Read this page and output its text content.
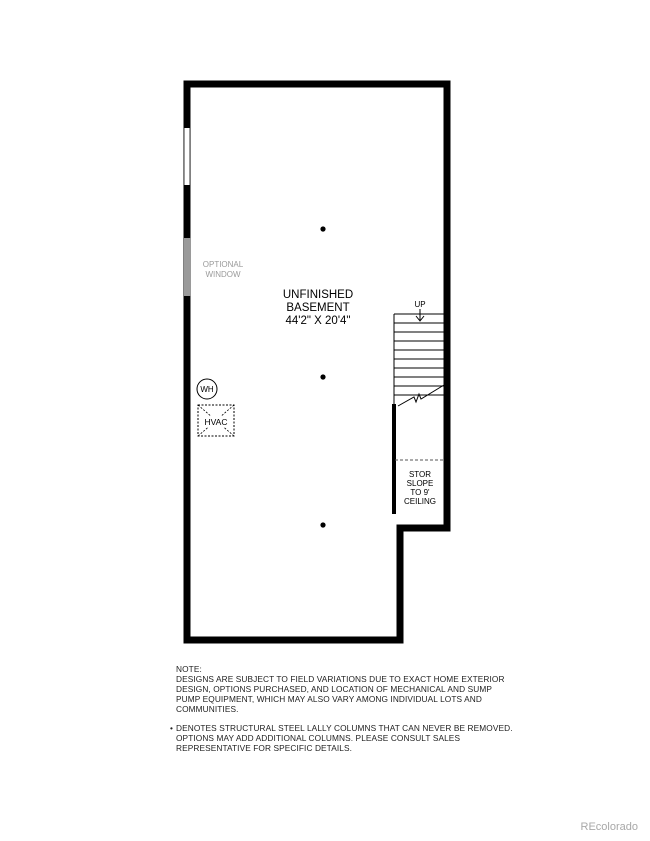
WH
HVAC
UNFINISHED
BASEMENT
44'2" X 20'4"
OPTIONAL
WINDOW
UP
STOR
SLOPE
TO 9'
CEILING
NOTE:

DESIGNS ARE SUBJECT TO FIELD VARIATIONS DUE TO EXACT HOME EXTERIOR DESIGN, OPTIONS PURCHASED, AND LOCATION OF MECHANICAL AND SUMP PUMP EQUIPMENT, WHICH MAY ALSO VARY AMONG INDIVIDUAL LOTS AND COMMUNITIES.

• DENOTES STRUCTURAL STEEL LALLY COLUMNS THAT CAN NEVER BE REMOVED. OPTIONS MAY ADD ADDITIONAL COLUMNS. PLEASE CONSULT SALES REPRESENTATIVE FOR SPECIFIC DETAILS.

REcolorado
